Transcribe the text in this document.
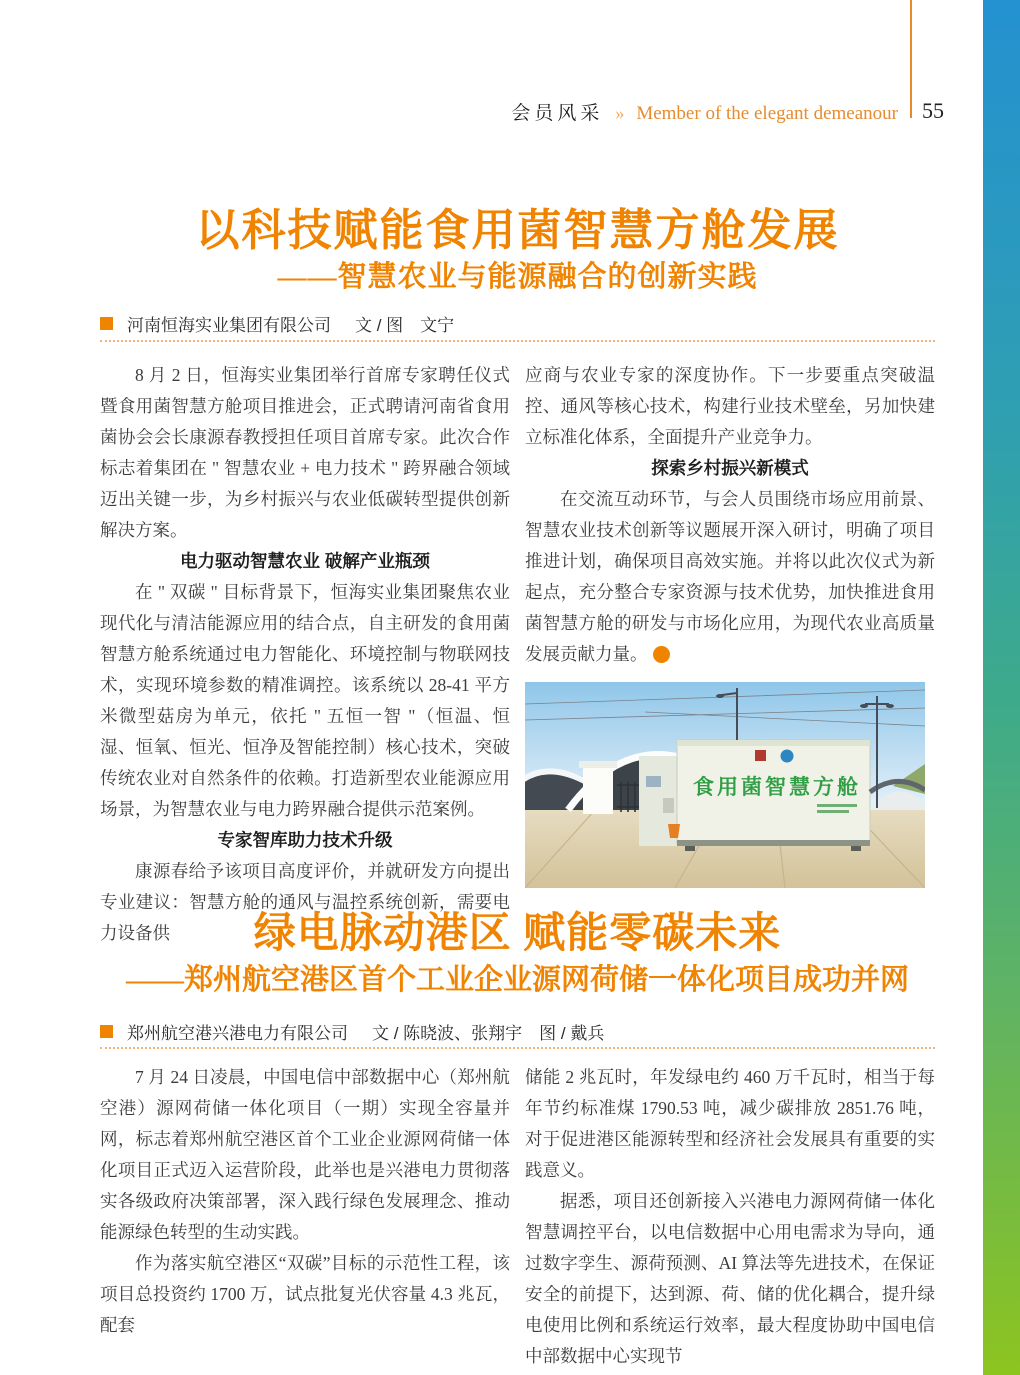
会员风采 » Member of the elegant demeanour 55
以科技赋能食用菌智慧方舱发展
——智慧农业与能源融合的创新实践
河南恒海实业集团有限公司 文 / 图　文宁
8 月 2 日，恒海实业集团举行首席专家聘任仪式暨食用菌智慧方舱项目推进会，正式聘请河南省食用菌协会会长康源春教授担任项目首席专家。此次合作标志着集团在 " 智慧农业 + 电力技术 " 跨界融合领域迈出关键一步，为乡村振兴与农业低碳转型提供创新解决方案。
电力驱动智慧农业 破解产业瓶颈
在 " 双碳 " 目标背景下，恒海实业集团聚焦农业现代化与清洁能源应用的结合点，自主研发的食用菌智慧方舱系统通过电力智能化、环境控制与物联网技术，实现环境参数的精准调控。该系统以 28-41 平方米微型菇房为单元，依托 " 五恒一智 "（恒温、恒湿、恒氧、恒光、恒净及智能控制）核心技术，突破传统农业对自然条件的依赖。打造新型农业能源应用场景，为智慧农业与电力跨界融合提供示范案例。
专家智库助力技术升级
康源春给予该项目高度评价，并就研发方向提出专业建议：智慧方舱的通风与温控系统创新，需要电力设备供
应商与农业专家的深度协作。下一步要重点突破温控、通风等核心技术，构建行业技术壁垒，另加快建立标准化体系，全面提升产业竞争力。
探索乡村振兴新模式
在交流互动环节，与会人员围绕市场应用前景、智慧农业技术创新等议题展开深入研讨，明确了项目推进计划，确保项目高效实施。并将以此次仪式为新起点，充分整合专家资源与技术优势，加快推进食用菌智慧方舱的研发与市场化应用，为现代农业高质量发展贡献力量。℮
食用菌智慧方舱
绿电脉动港区 赋能零碳未来
——郑州航空港区首个工业企业源网荷储一体化项目成功并网
郑州航空港兴港电力有限公司 文 / 陈晓波、张翔宇　图 / 戴兵
7 月 24 日凌晨，中国电信中部数据中心（郑州航空港）源网荷储一体化项目（一期）实现全容量并网，标志着郑州航空港区首个工业企业源网荷储一体化项目正式迈入运营阶段，此举也是兴港电力贯彻落实各级政府决策部署，深入践行绿色发展理念、推动能源绿色转型的生动实践。
作为落实航空港区“双碳”目标的示范性工程，该项目总投资约 1700 万，试点批复光伏容量 4.3 兆瓦，配套
储能 2 兆瓦时，年发绿电约 460 万千瓦时，相当于每年节约标准煤 1790.53 吨，减少碳排放 2851.76 吨，对于促进港区能源转型和经济社会发展具有重要的实践意义。
据悉，项目还创新接入兴港电力源网荷储一体化智慧调控平台，以电信数据中心用电需求为导向，通过数字孪生、源荷预测、AI 算法等先进技术，在保证安全的前提下，达到源、荷、储的优化耦合，提升绿电使用比例和系统运行效率，最大程度协助中国电信中部数据中心实现节
